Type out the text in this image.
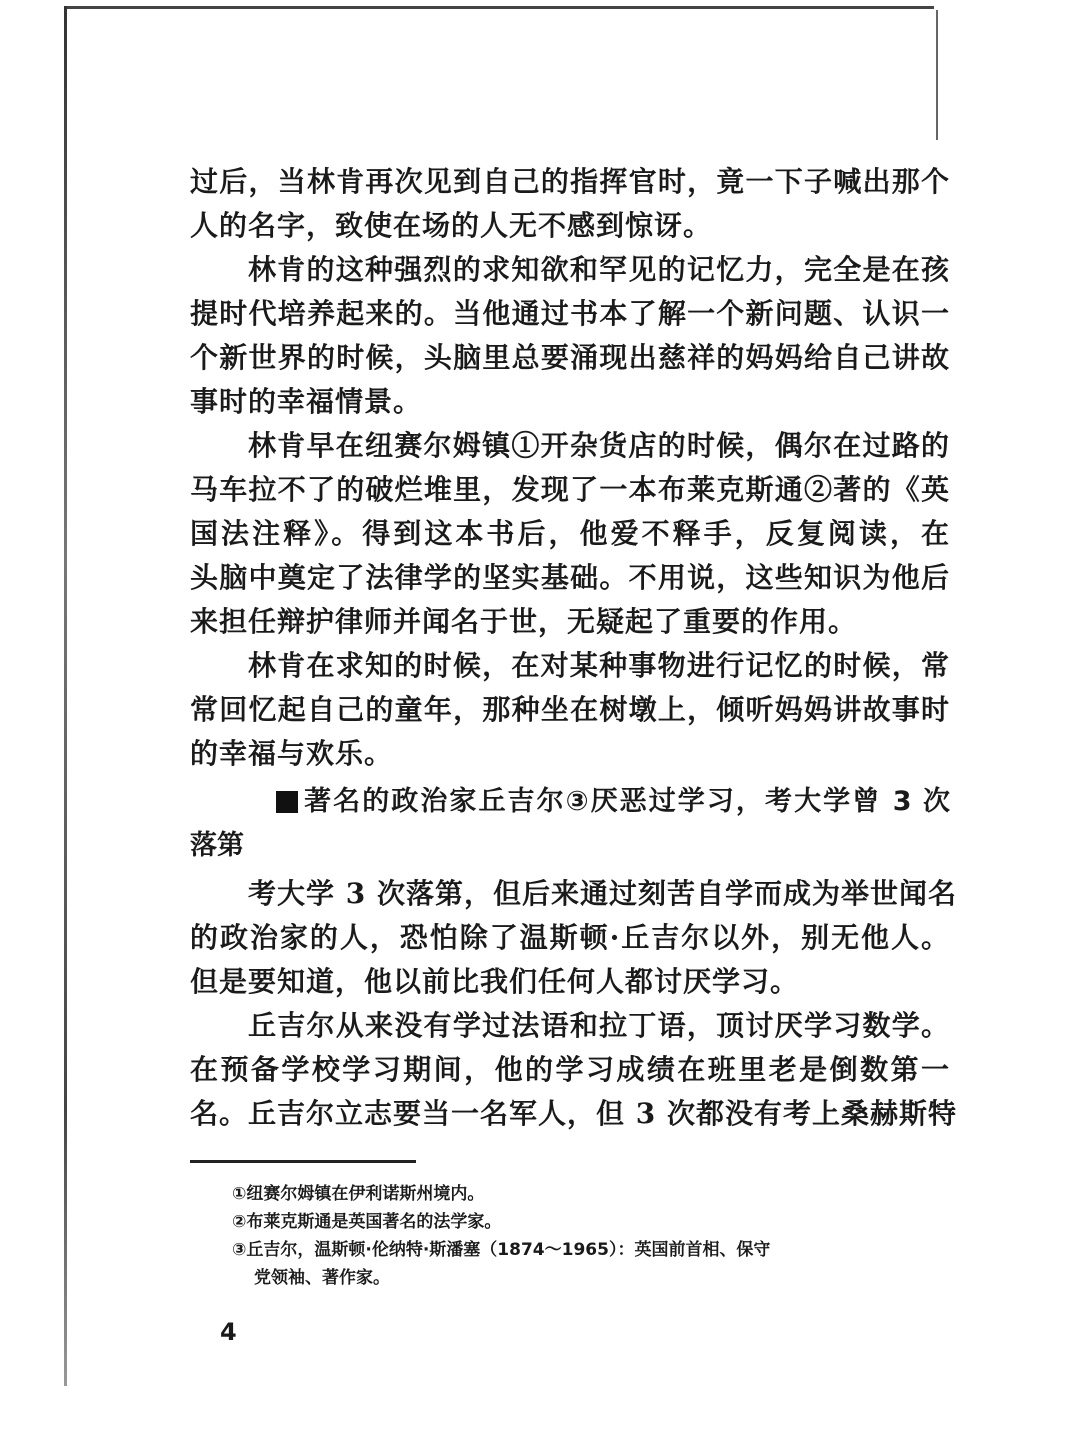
过后，当林肯再次见到自己的指挥官时，竟一下子喊出那个
人的名字，致使在场的人无不感到惊讶。
林肯的这种强烈的求知欲和罕见的记忆力，完全是在孩
提时代培养起来的。当他通过书本了解一个新问题、认识一
个新世界的时候，头脑里总要涌现出慈祥的妈妈给自己讲故
事时的幸福情景。
林肯早在纽赛尔姆镇①开杂货店的时候，偶尔在过路的
马车拉不了的破烂堆里，发现了一本布莱克斯通②著的《英
国法注释》。得到这本书后，他爱不释手，反复阅读，在
头脑中奠定了法律学的坚实基础。不用说，这些知识为他后
来担任辩护律师并闻名于世，无疑起了重要的作用。
林肯在求知的时候，在对某种事物进行记忆的时候，常
常回忆起自己的童年，那种坐在树墩上，倾听妈妈讲故事时
的幸福与欢乐。
著名的政治家丘吉尔③厌恶过学习，考大学曾 3 次
落第
考大学 3 次落第，但后来通过刻苦自学而成为举世闻名
的政治家的人，恐怕除了温斯顿·丘吉尔以外，别无他人。
但是要知道，他以前比我们任何人都讨厌学习。
丘吉尔从来没有学过法语和拉丁语，顶讨厌学习数学。
在预备学校学习期间，他的学习成绩在班里老是倒数第一
名。丘吉尔立志要当一名军人，但 3 次都没有考上桑赫斯特
①纽赛尔姆镇在伊利诺斯州境内。
②布莱克斯通是英国著名的法学家。
③丘吉尔，温斯顿·伦纳特·斯潘塞（1874～1965）：英国前首相、保守
党领袖、著作家。
4
